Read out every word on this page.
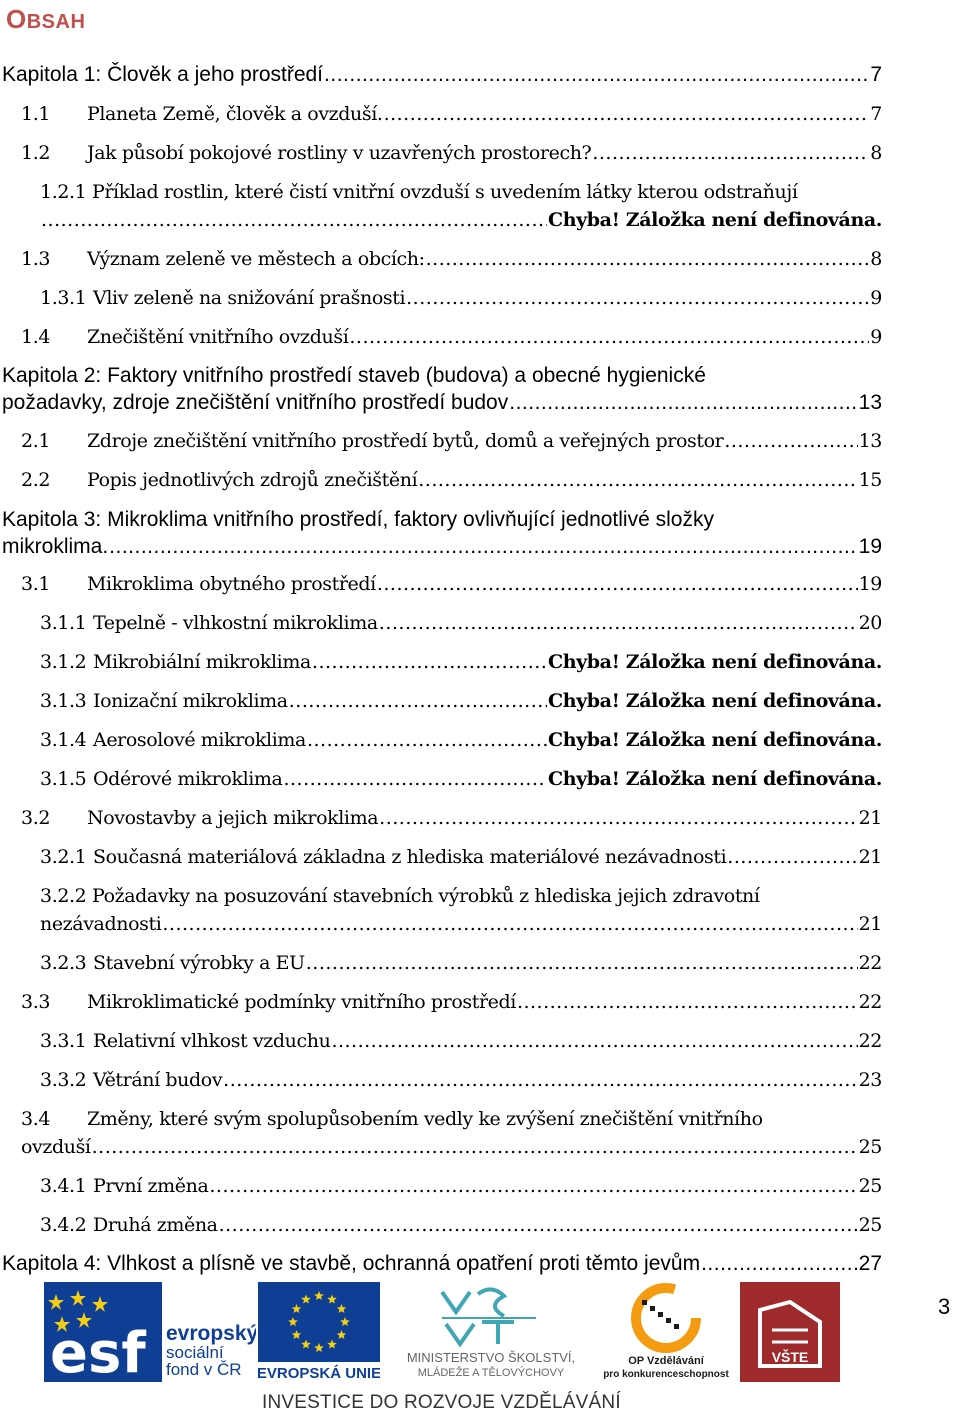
OBSAH
Kapitola 1: Člověk a jeho prostředí .....	7
1.1	Planeta Země, člověk a ovzduší. .....	7
1.2	Jak působí pokojové rostliny v uzavřených prostorech? .....	8
1.2.1 Příklad rostlin, které čistí vnitřní ovzduší s uvedením látky kterou odstraňují
.....
Chyba! Záložka není definována.
1.3	Význam zeleně ve městech a obcích: .....	8
1.3.1 Vliv zeleně na snižování prašnosti .....	9
1.4	Znečištění vnitřního ovzduší .....	9
Kapitola 2: Faktory vnitřního prostředí staveb (budova) a obecné hygienické
požadavky, zdroje znečištění vnitřního prostředí budov .....	13
2.1	Zdroje znečištění vnitřního prostředí bytů, domů a veřejných prostor .....	13
2.2	Popis jednotlivých zdrojů znečištění .....	15
Kapitola 3: Mikroklima vnitřního prostředí, faktory ovlivňující jednotlivé složky
mikroklima. .....	19
3.1	Mikroklima obytného prostředí .....	19
3.1.1 Tepelně - vlhkostní mikroklima .....	20
3.1.2 Mikrobiální mikroklima .....	Chyba! Záložka není definována.
3.1.3 Ionizační mikroklima .....	Chyba! Záložka není definována.
3.1.4 Aerosolové mikroklima .....	Chyba! Záložka není definována.
3.1.5 Odérové mikroklima .....	Chyba! Záložka není definována.
3.2	Novostavby a jejich mikroklima .....	21
3.2.1 Současná materiálová základna z hlediska materiálové nezávadnosti .....	21
3.2.2 Požadavky na posuzování stavebních výrobků z hlediska jejich zdravotní
nezávadnosti .....	21
3.2.3 Stavební výrobky a EU .....	22
3.3	Mikroklimatické podmínky vnitřního prostředí .....	22
3.3.1 Relativní vlhkost vzduchu .....	22
3.3.2 Větrání budov .....	23
3.4 Změny, které svým spolupůsobením vedly ke zvýšení znečištění vnitřního
ovzduší .....	25
3.4.1 První změna .....	25
3.4.2 Druhá změna .....	25
Kapitola 4: Vlhkost a plísně ve stavbě, ochranná opatření proti těmto jevům .....	27
3
esf evropský
sociální
fond v ČR EVROPSKÁ UNIE
MINISTERSTVO ŠKOLSTVÍ,
MLÁDEŽE A TĚLOVÝCHOVY
OP Vzdělávání
pro konkurenceschopnost
VŠTE
INVESTICE DO ROZVOJE VZDĚLÁVÁNÍ
